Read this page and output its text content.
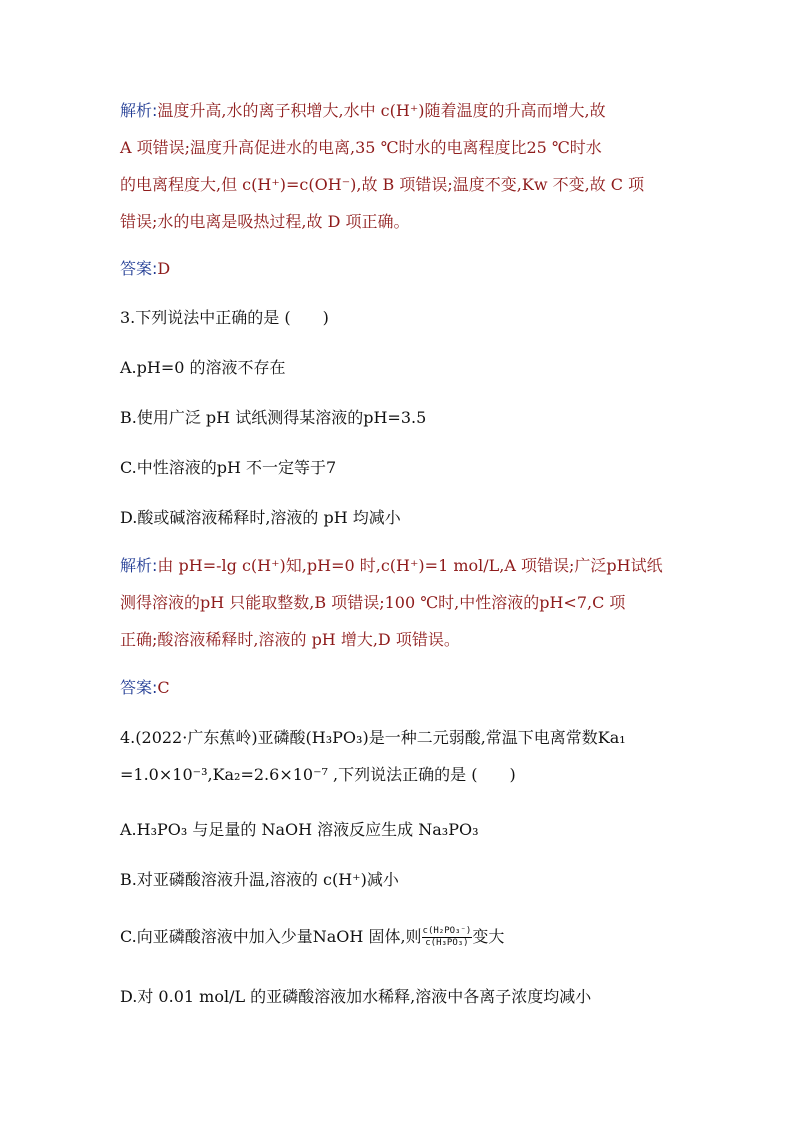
解析:温度升高,水的离子积增大,水中 c(H⁺)随着温度的升高而增大,故
A 项错误;温度升高促进水的电离,35 ℃时水的电离程度比25 ℃时水
的电离程度大,但 c(H⁺)=c(OH⁻),故 B 项错误;温度不变,Kw 不变,故 C 项
错误;水的电离是吸热过程,故 D 项正确。
答案:D
3.下列说法中正确的是 (　　)
A.pH=0 的溶液不存在
B.使用广泛 pH 试纸测得某溶液的pH=3.5
C.中性溶液的pH 不一定等于7
D.酸或碱溶液稀释时,溶液的 pH 均减小
解析:由 pH=-lg c(H⁺)知,pH=0 时,c(H⁺)=1 mol/L,A 项错误;广泛pH试纸
测得溶液的pH 只能取整数,B 项错误;100 ℃时,中性溶液的pH<7,C 项
正确;酸溶液稀释时,溶液的 pH 增大,D 项错误。
答案:C
4.(2022·广东蕉岭)亚磷酸(H₃PO₃)是一种二元弱酸,常温下电离常数Ka₁
=1.0×10⁻³,Ka₂=2.6×10⁻⁷ ,下列说法正确的是 (　　)
A.H₃PO₃ 与足量的 NaOH 溶液反应生成 Na₃PO₃
B.对亚磷酸溶液升温,溶液的 c(H⁺)减小
C.向亚磷酸溶液中加入少量NaOH 固体,则 $\frac{\text{c(H₂PO₃⁻)}}{\text{c(H₃PO₃)}}$ 变大
D.对 0.01 mol/L 的亚磷酸溶液加水稀释,溶液中各离子浓度均减小
